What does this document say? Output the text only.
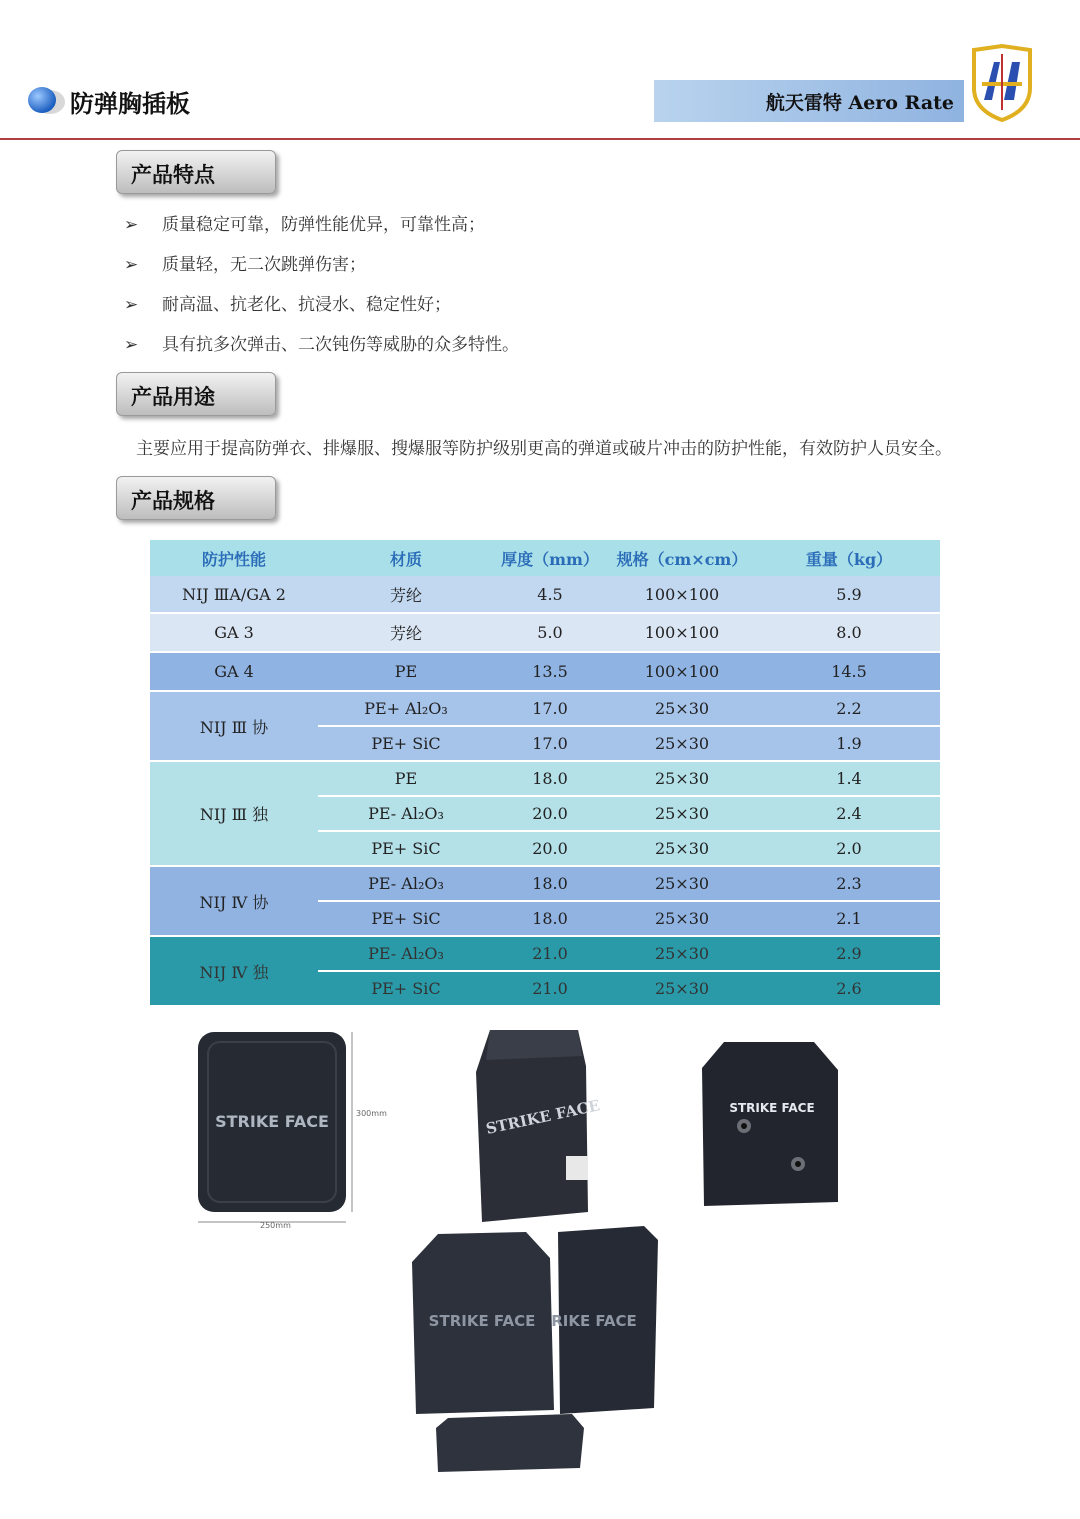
防弹胸插板	航天雷特 Aero Rate
产品特点
➢ 质量稳定可靠，防弹性能优异，可靠性高；
➢ 质量轻，无二次跳弹伤害；
➢ 耐高温、抗老化、抗浸水、稳定性好；
➢ 具有抗多次弹击、二次钝伤等威胁的众多特性。
产品用途
主要应用于提高防弹衣、排爆服、搜爆服等防护级别更高的弹道或破片冲击的防护性能，有效防护人员安全。
产品规格
防护性能	材质	厚度（mm）	规格（cm×cm）	重量（kg）
NIJ ⅢA/GA 2	芳纶	4.5	100×100	5.9
GA 3	芳纶	5.0	100×100	8.0
GA 4	PE	13.5	100×100	14.5
NIJ Ⅲ 协	PE+ Al₂O₃	17.0	25×30	2.2
	PE+ SiC	17.0	25×30	1.9
NIJ Ⅲ 独	PE	18.0	25×30	1.4
	PE- Al₂O₃	20.0	25×30	2.4
	PE+ SiC	20.0	25×30	2.0
NIJ Ⅳ 协	PE- Al₂O₃	18.0	25×30	2.3
	PE+ SiC	18.0	25×30	2.1
NIJ Ⅳ 独	PE- Al₂O₃	21.0	25×30	2.9
	PE+ SiC	21.0	25×30	2.6
STRIKE FACE	300mm
250mm
STRIKE FACE	STRIKE FACE
STRIKE FACE RIKE FACE
